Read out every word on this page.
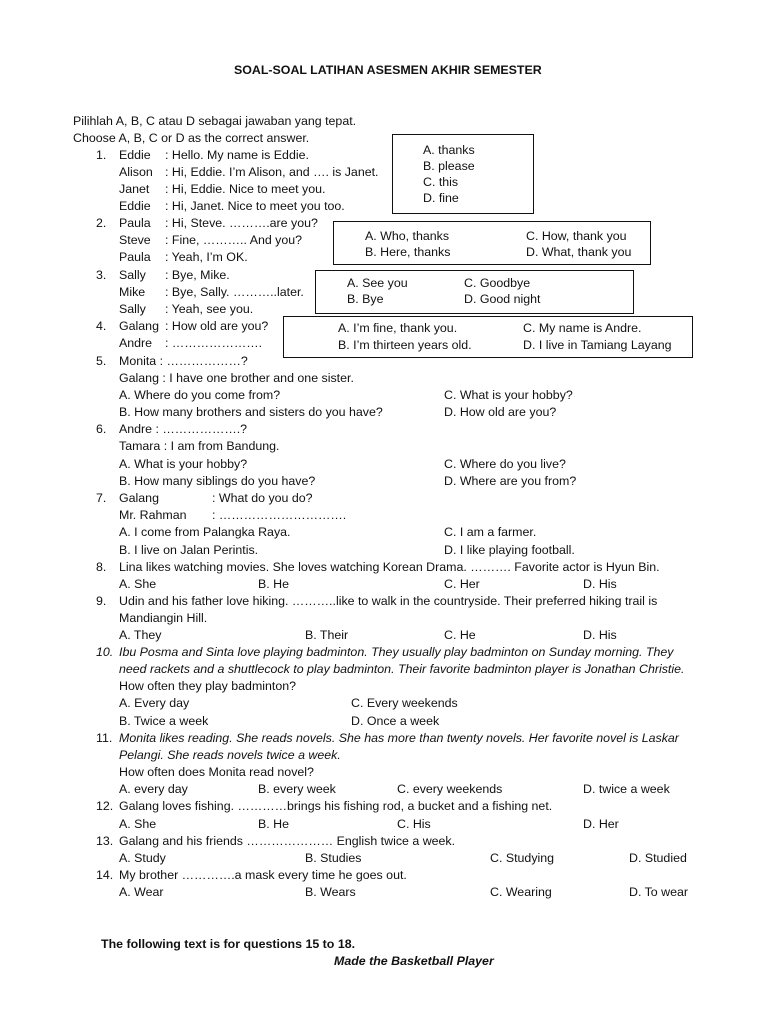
SOAL-SOAL LATIHAN ASESMEN AKHIR SEMESTER
Pilihlah A, B, C atau D sebagai jawaban yang tepat.
Choose A, B, C or D as the correct answer.
1. Eddie : Hello. My name is Eddie.
Alison : Hi, Eddie. I’m Alison, and …. is Janet.
Janet : Hi, Eddie. Nice to meet you.
Eddie : Hi, Janet. Nice to meet you too.
A. thanks
B. please
C. this
D. fine
2. Paula : Hi, Steve. ……….are you?
Steve : Fine, ……….. And you?
Paula : Yeah, I’m OK.
A. Who, thanks
B. Here, thanks
C. How, thank you
D. What, thank you
3. Sally : Bye, Mike.
Mike : Bye, Sally. ………..later.
Sally : Yeah, see you.
A. See you
B. Bye
C. Goodbye
D. Good night
4. Galang : How old are you?
Andre : ………………….
A. I’m fine, thank you.
B. I’m thirteen years old.
C. My name is Andre.
D. I live in Tamiang Layang
5. Monita : ………………?
Galang : I have one brother and one sister.
A. Where do you come from?
B. How many brothers and sisters do you have?
C. What is your hobby?
D. How old are you?
6. Andre : ……………….?
Tamara : I am from Bandung.
A. What is your hobby?
B. How many siblings do you have?
C. Where do you live?
D. Where are you from?
7. Galang	: What do you do?
Mr. Rahman : ………………………….
A. I come from Palangka Raya.
B. I live on Jalan Perintis.
C. I am a farmer.
D. I like playing football.
8. Lina likes watching movies. She loves watching Korean Drama. ………. Favorite actor is Hyun Bin.
A. She	B. He	C. Her	D. His
9. Udin and his father love hiking. ………..like to walk in the countryside. Their preferred hiking trail is
Mandiangin Hill.
A. They	B. Their	C. He	D. His
10. Ibu Posma and Sinta love playing badminton. They usually play badminton on Sunday morning. They
need rackets and a shuttlecock to play badminton. Their favorite badminton player is Jonathan Christie.
How often they play badminton?
A. Every day
B. Twice a week
C. Every weekends
D. Once a week
11. Monita likes reading. She reads novels. She has more than twenty novels. Her favorite novel is Laskar
Pelangi. She reads novels twice a week.
How often does Monita read novel?
A. every day	B. every week	C. every weekends	D. twice a week
12. Galang loves fishing. …………brings his fishing rod, a bucket and a fishing net.
A. She	B. He	C. His	D. Her
13. Galang and his friends ………………… English twice a week.
A. Study	B. Studies	C. Studying	D. Studied
14. My brother ………….a mask every time he goes out.
A. Wear	B. Wears	C. Wearing	D. To wear
The following text is for questions 15 to 18.
Made the Basketball Player
